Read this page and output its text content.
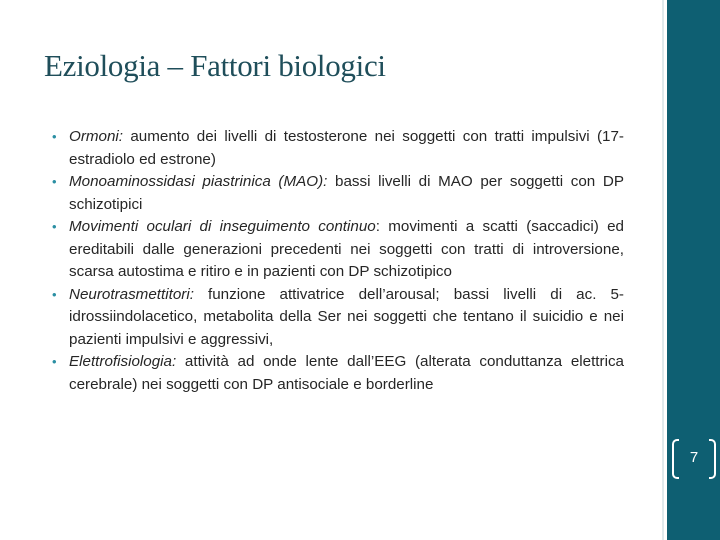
Eziologia – Fattori biologici

• Ormoni: aumento dei livelli di testosterone nei soggetti con tratti impulsivi (17-estradiolo ed estrone)

• Monoaminossidasi piastrinica (MAO): bassi livelli di MAO per soggetti con DP schizotipici

• Movimenti oculari di inseguimento continuo: movimenti a scatti (saccadici) ed ereditabili dalle generazioni precedenti nei soggetti con tratti di introversione, scarsa autostima e ritiro e in pazienti con DP schizotipico

• Neurotrasmettitori: funzione attivatrice dell’arousal; bassi livelli di ac. 5-idrossiindolacetico, metabolita della Ser nei soggetti che tentano il suicidio e nei pazienti impulsivi e aggressivi,

• Elettrofisiologia: attività ad onde lente dall’EEG (alterata conduttanza elettrica cerebrale) nei soggetti con DP antisociale e borderline

7
